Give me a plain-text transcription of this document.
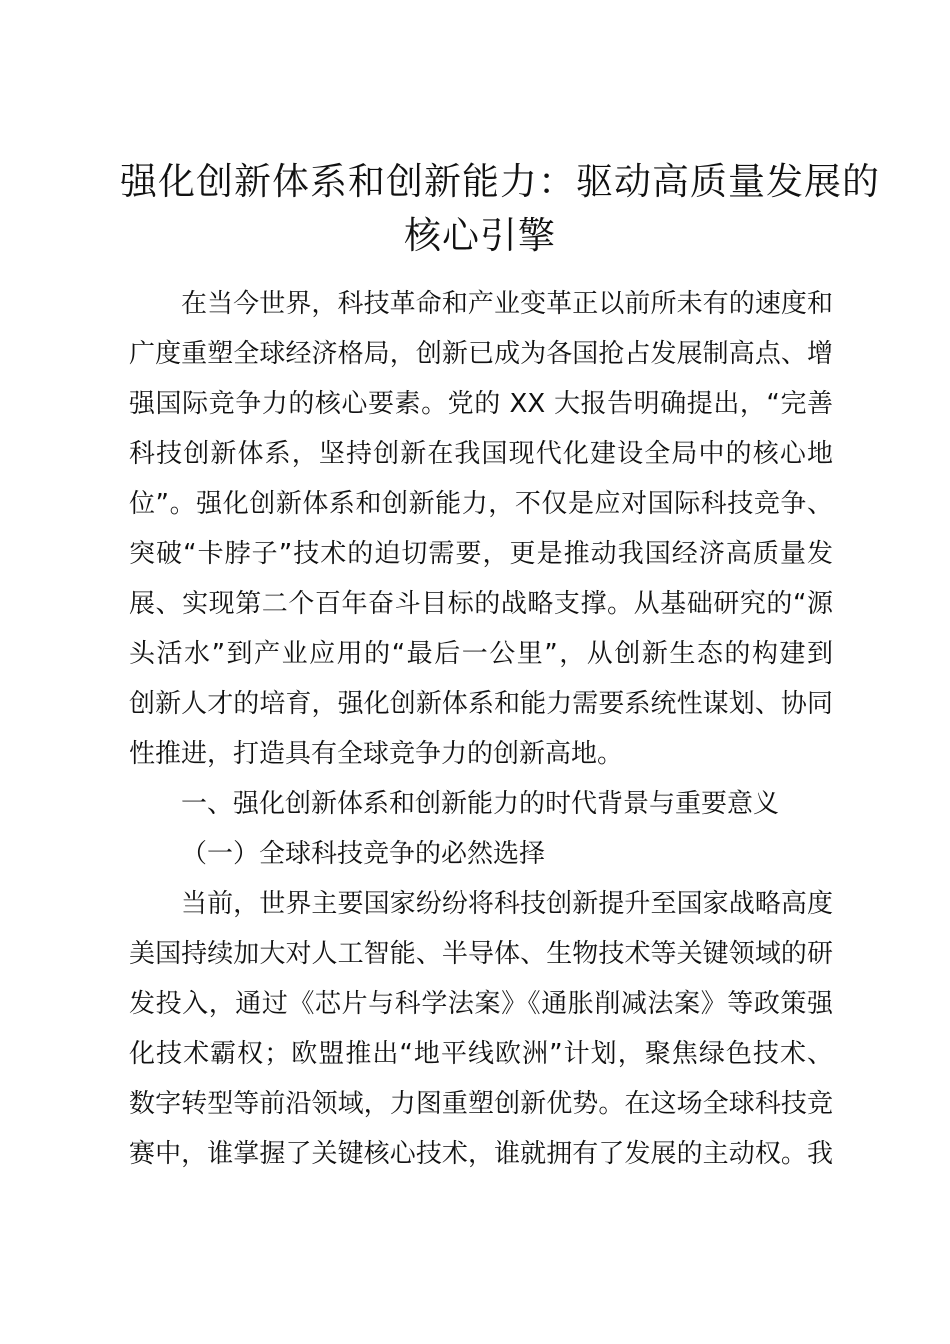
强化创新体系和创新能力：驱动高质量发展的
核心引擎
在当今世界，科技革命和产业变革正以前所未有的速度和
广度重塑全球经济格局，创新已成为各国抢占发展制高点、增
强国际竞争力的核心要素。党的 XX 大报告明确提出，“完善
科技创新体系，坚持创新在我国现代化建设全局中的核心地
位”。强化创新体系和创新能力，不仅是应对国际科技竞争、
突破“卡脖子”技术的迫切需要，更是推动我国经济高质量发
展、实现第二个百年奋斗目标的战略支撑。从基础研究的“源
头活水”到产业应用的“最后一公里”，从创新生态的构建到
创新人才的培育，强化创新体系和能力需要系统性谋划、协同
性推进，打造具有全球竞争力的创新高地。
一、强化创新体系和创新能力的时代背景与重要意义
（一）全球科技竞争的必然选择
当前，世界主要国家纷纷将科技创新提升至国家战略高度
美国持续加大对人工智能、半导体、生物技术等关键领域的研
发投入，通过《芯片与科学法案》《通胀削减法案》等政策强
化技术霸权；欧盟推出“地平线欧洲”计划，聚焦绿色技术、
数字转型等前沿领域，力图重塑创新优势。在这场全球科技竞
赛中，谁掌握了关键核心技术，谁就拥有了发展的主动权。我
